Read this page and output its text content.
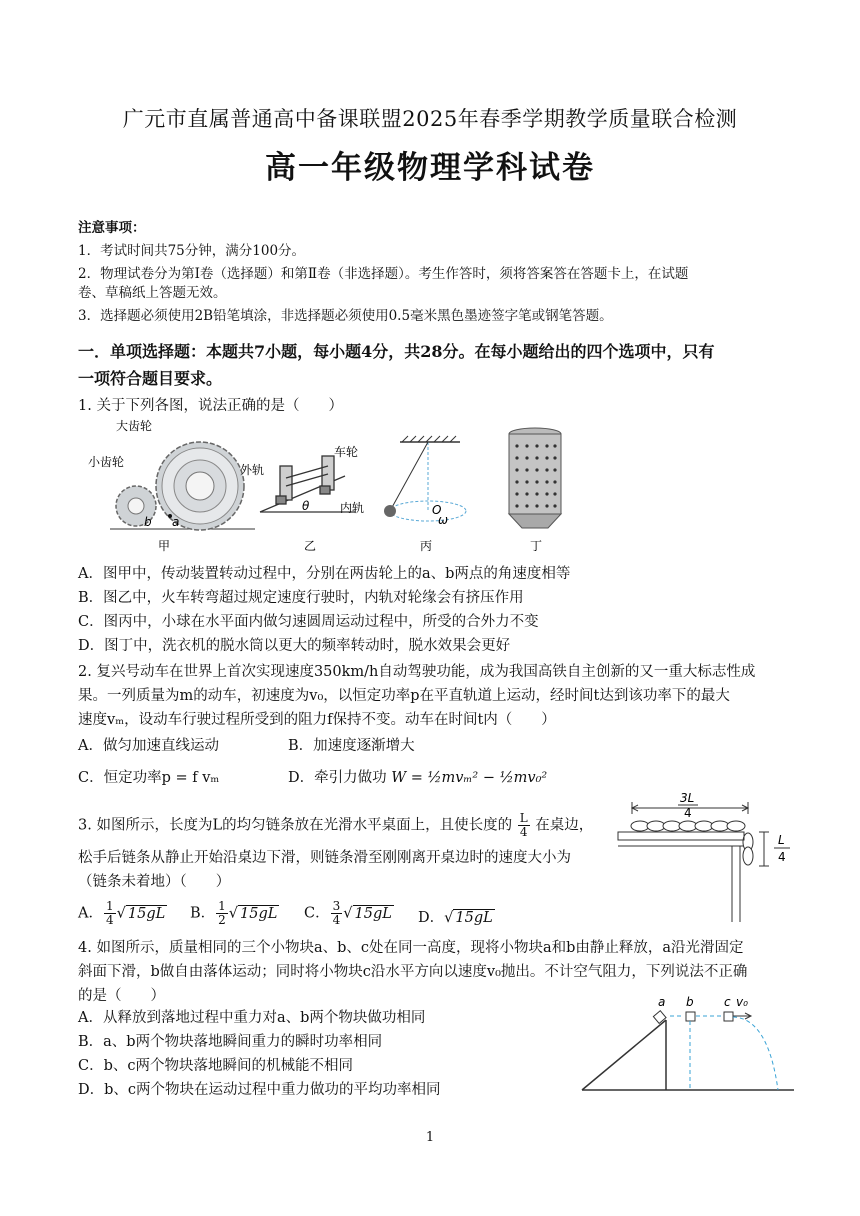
广元市直属普通高中备课联盟2025年春季学期教学质量联合检测
高一年级物理学科试卷
注意事项：
1．考试时间共75分钟，满分100分。
2．物理试卷分为第Ⅰ卷（选择题）和第Ⅱ卷（非选择题）。考生作答时，须将答案答在答题卡上，在试题
卷、草稿纸上答题无效。
3．选择题必须使用2B铅笔填涂，非选择题必须使用0.5毫米黑色墨迹签字笔或钢笔答题。
一．单项选择题：本题共7小题，每小题4分，共28分。在每小题给出的四个选项中，只有
一项符合题目要求。
1. 关于下列各图，说法正确的是（　　）
大齿轮
小齿轮
b a
甲
外轨
车轮
内轨
θ
乙
O
ω
丙	丁
A．图甲中，传动装置转动过程中，分别在两齿轮上的a、b两点的角速度相等
B．图乙中，火车转弯超过规定速度行驶时，内轨对轮缘会有挤压作用
C．图丙中，小球在水平面内做匀速圆周运动过程中，所受的合外力不变
D．图丁中，洗衣机的脱水筒以更大的频率转动时，脱水效果会更好
2. 复兴号动车在世界上首次实现速度350km/h自动驾驶功能，成为我国高铁自主创新的又一重大标志性成
果。一列质量为m的动车，初速度为v₀，以恒定功率p在平直轨道上运动，经时间t达到该功率下的最大
速度vₘ，设动车行驶过程所受到的阻力f保持不变。动车在时间t内（　　）
A．做匀加速直线运动	B．加速度逐渐增大
C．恒定功率p = f vₘ	D．牵引力做功 W = ½mvₘ² − ½mv₀²
3. 如图所示，长度为L的均匀链条放在光滑水平桌面上，且使长度的 $\frac{L}{4}$ 在桌边，
松手后链条从静止开始沿桌边下滑，则链条滑至刚刚离开桌边时的速度大小为
（链条未着地）（　　）
A． $\frac{1}{4}$ √ 15gL B． $\frac{1}{2}$ √ 15gL C． $\frac{3}{4}$ √ 15gL D．√ 15gL
3L
4
L
4
4. 如图所示，质量相同的三个小物块a、b、c处在同一高度，现将小物块a和b由静止释放，a沿光滑固定
斜面下滑，b做自由落体运动；同时将小物块c沿水平方向以速度v₀抛出。不计空气阻力，下列说法不正确
的是（　　）
A．从释放到落地过程中重力对a、b两个物块做功相同
B．a、b两个物块落地瞬间重力的瞬时功率相同
C．b、c两个物块落地瞬间的机械能不相同
D．b、c两个物块在运动过程中重力做功的平均功率相同
a b	c v₀
1
